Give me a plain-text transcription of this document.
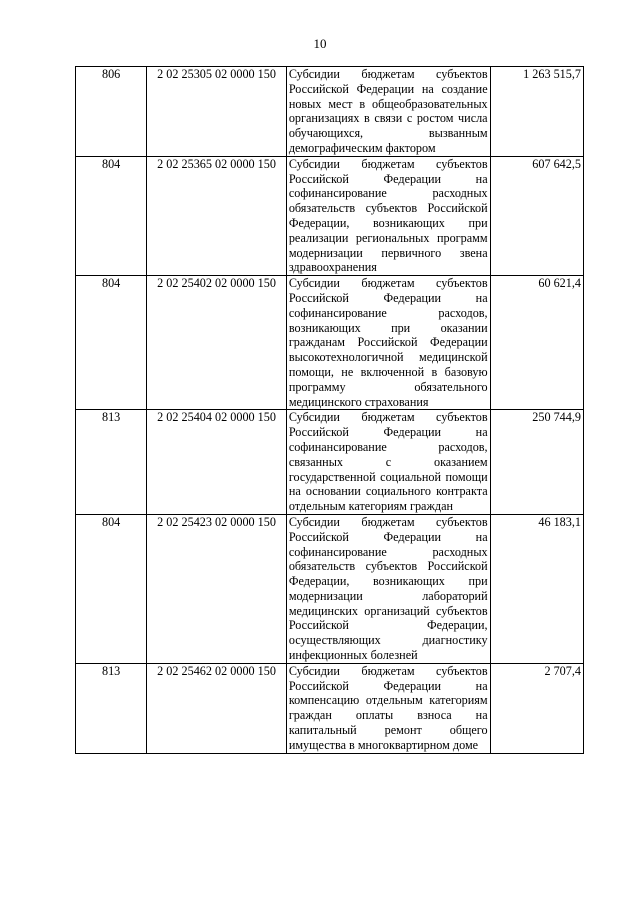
10
806	2 02 25305 02 0000 150	Субсидии бюджетам субъектов Российской Федерации на создание новых мест в общеобразовательных организациях в связи с ростом числа обучающихся, вызванным демографическим фактором	1 263 515,7
804	2 02 25365 02 0000 150	Субсидии бюджетам субъектов Российской Федерации на софинансирование расходных обязательств субъектов Российской Федерации, возникающих при реализации региональных программ модернизации первичного звена здравоохранения	607 642,5
804	2 02 25402 02 0000 150	Субсидии бюджетам субъектов Российской Федерации на софинансирование расходов, возникающих при оказании гражданам Российской Федерации высокотехнологичной медицинской помощи, не включенной в базовую программу обязательного медицинского страхования	60 621,4
813	2 02 25404 02 0000 150	Субсидии бюджетам субъектов Российской Федерации на софинансирование расходов, связанных с оказанием государственной социальной помощи на основании социального контракта отдельным категориям граждан	250 744,9
804	2 02 25423 02 0000 150	Субсидии бюджетам субъектов Российской Федерации на софинансирование расходных обязательств субъектов Российской Федерации, возникающих при модернизации лабораторий медицинских организаций субъектов Российской Федерации, осуществляющих диагностику инфекционных болезней	46 183,1
813	2 02 25462 02 0000 150	Субсидии бюджетам субъектов Российской Федерации на компенсацию отдельным категориям граждан оплаты взноса на капитальный ремонт общего имущества в многоквартирном доме	2 707,4
